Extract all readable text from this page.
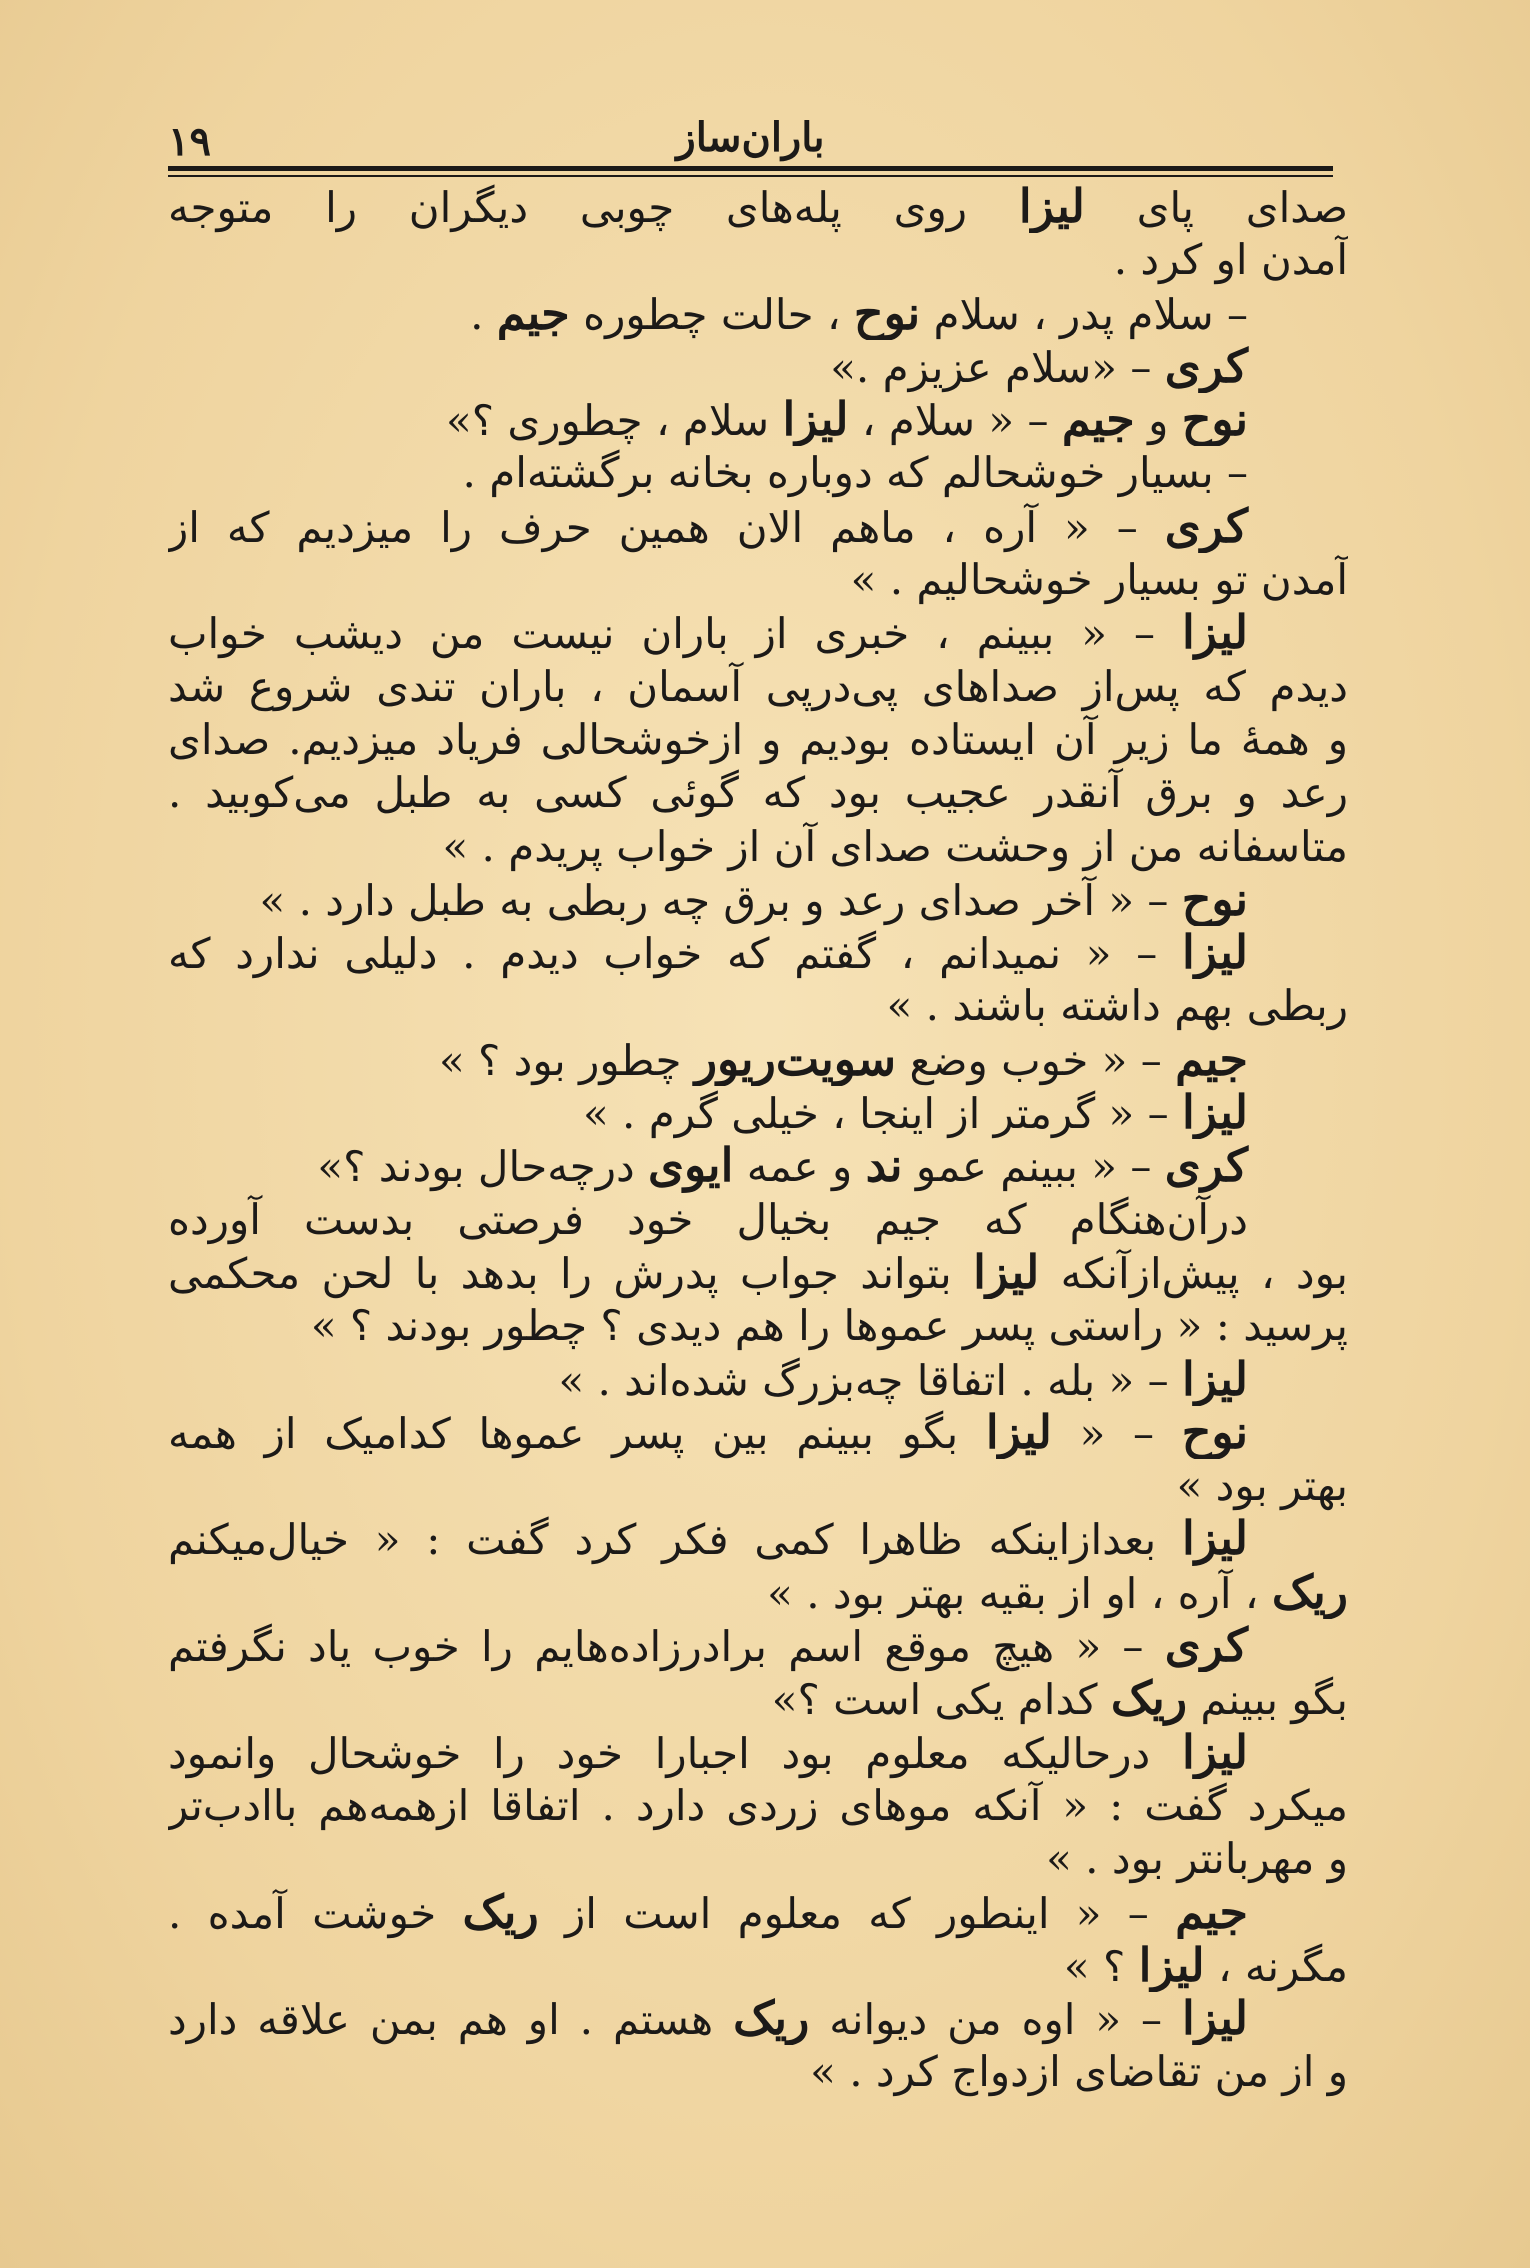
١٩	باران‌ساز
صدای پای لیزا روی پله‌های چوبی دیگران را متوجه
آمدن او کرد .
– سلام پدر ، سلام نوح ، حالت چطوره جیم .
کری – «سلام عزیزم .»
نوح و جیم – « سلام ، لیزا سلام ، چطوری ؟»
– بسیار خوشحالم که دوباره بخانه برگشته‌ام .
کری – « آره ، ماهم الان همین حرف را میزدیم که از
آمدن تو بسیار خوشحالیم . »
لیزا – « ببینم ، خبری از باران نیست من دیشب خواب
دیدم که پس‌از صداهای پی‌درپی آسمان ، باران تندی شروع شد
و همهٔ ما زیر آن ایستاده بودیم و ازخوشحالی فریاد میزدیم. صدای
رعد و برق آنقدر عجیب بود که گوئی کسی به طبل می‌کوبید .
متاسفانه من از وحشت صدای آن از خواب پریدم . »
نوح – « آخر صدای رعد و برق چه ربطی به طبل دارد . »
لیزا – « نمیدانم ، گفتم که خواب دیدم . دلیلی ندارد که
ربطی بهم داشته باشند . »
جیم – « خوب وضع سویت‌ریور چطور بود ؟ »
لیزا – « گرمتر از اینجا ، خیلی گرم . »
کری – « ببینم عمو ند و عمه ایوی درچه‌حال بودند ؟»
درآن‌هنگام که جیم بخیال خود فرصتی بدست آورده
بود ، پیش‌ازآنکه لیزا بتواند جواب پدرش را بدهد با لحن محکمی
پرسید : « راستی پسر عموها را هم دیدی ؟ چطور بودند ؟ »
لیزا – « بله . اتفاقا چه‌بزرگ شده‌اند . »
نوح – « لیزا بگو ببینم بین پسر عموها کدامیک از همه
بهتر بود »
لیزا بعدازاینکه ظاهرا کمی فکر کرد گفت : « خیال‌میکنم
ریک ، آره ، او از بقیه بهتر بود . »
کری – « هیچ موقع اسم برادرزاده‌هایم را خوب یاد نگرفتم
بگو ببینم ریک کدام یکی است ؟»
لیزا درحالیکه معلوم بود اجبارا خود را خوشحال وانمود
میکرد گفت : « آنکه موهای زردی دارد . اتفاقا ازهمه‌هم باادب‌تر
و مهربانتر بود . »
جیم – « اینطور که معلوم است از ریک خوشت آمده .
مگرنه ، لیزا ؟ »
لیزا – « اوه من دیوانه ریک هستم . او هم بمن علاقه دارد
و از من تقاضای ازدواج کرد . »
